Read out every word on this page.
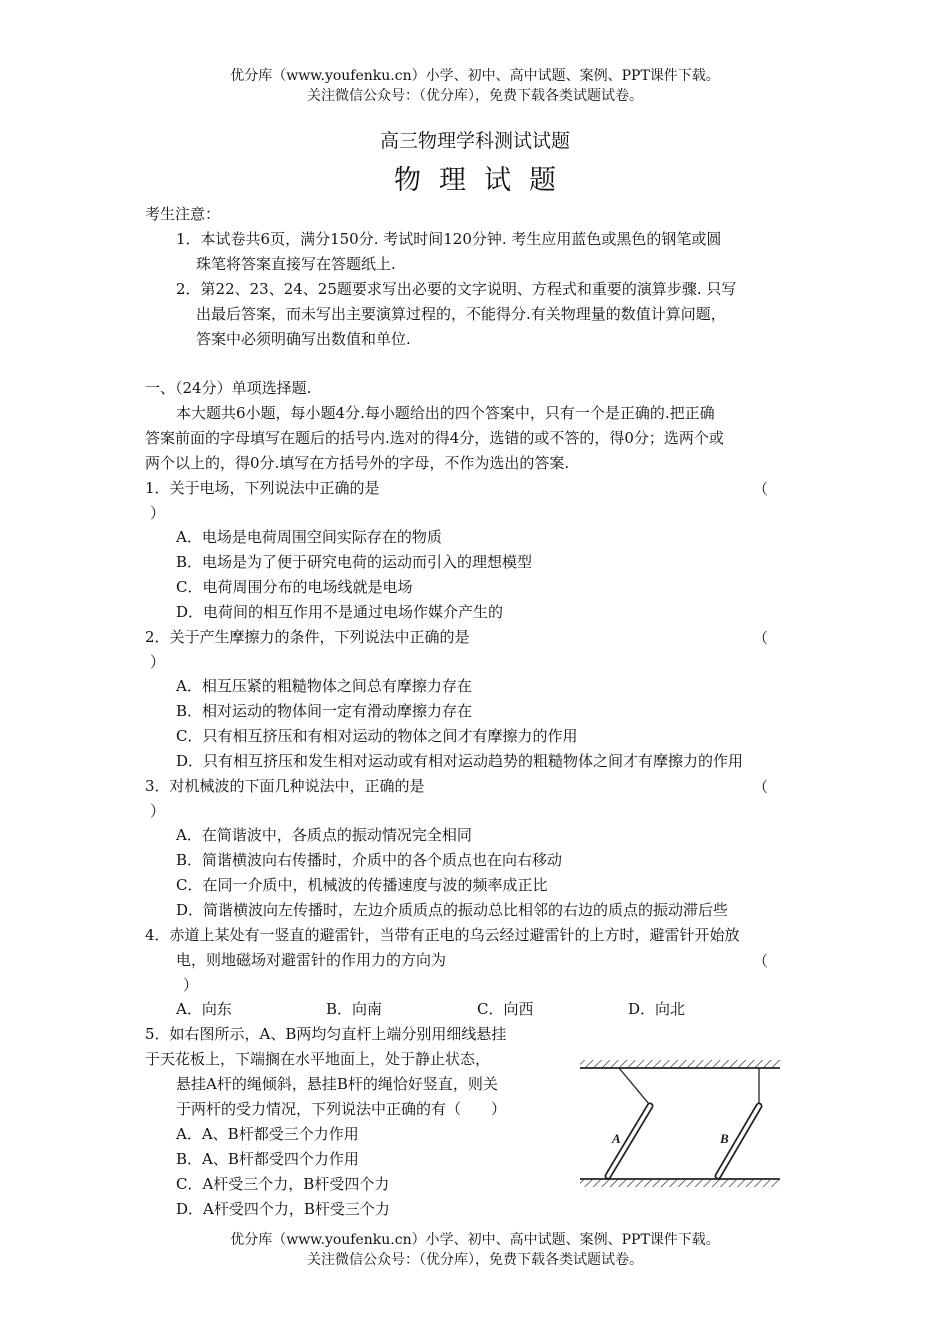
优分库（www.youfenku.cn）小学、初中、高中试题、案例、PPT课件下载。
关注微信公众号：（优分库），免费下载各类试题试卷。
高三物理学科测试试题
物理试题
考生注意：
1．本试卷共6页，满分150分. 考试时间120分钟. 考生应用蓝色或黑色的钢笔或圆
珠笔将答案直接写在答题纸上.
2．第22、23、24、25题要求写出必要的文字说明、方程式和重要的演算步骤. 只写
出最后答案，而未写出主要演算过程的，不能得分.有关物理量的数值计算问题，
答案中必须明确写出数值和单位.
一、（24分）单项选择题.
本大题共6小题，每小题4分.每小题给出的四个答案中，只有一个是正确的.把正确
答案前面的字母填写在题后的括号内.选对的得4分，选错的或不答的，得0分；选两个或
两个以上的，得0分.填写在方括号外的字母，不作为选出的答案.
1．关于电场，下列说法中正确的是	（
）
A．电场是电荷周围空间实际存在的物质
B．电场是为了便于研究电荷的运动而引入的理想模型
C．电荷周围分布的电场线就是电场
D．电荷间的相互作用不是通过电场作媒介产生的
2．关于产生摩擦力的条件，下列说法中正确的是	（
）
A．相互压紧的粗糙物体之间总有摩擦力存在
B．相对运动的物体间一定有滑动摩擦力存在
C．只有相互挤压和有相对运动的物体之间才有摩擦力的作用
D．只有相互挤压和发生相对运动或有相对运动趋势的粗糙物体之间才有摩擦力的作用
3．对机械波的下面几种说法中，正确的是	（
）
A．在简谐波中，各质点的振动情况完全相同
B．简谐横波向右传播时，介质中的各个质点也在向右移动
C．在同一介质中，机械波的传播速度与波的频率成正比
D．简谐横波向左传播时，左边介质质点的振动总比相邻的右边的质点的振动滞后些
4．赤道上某处有一竖直的避雷针，当带有正电的乌云经过避雷针的上方时，避雷针开始放
电，则地磁场对避雷针的作用力的方向为	（
）
A．向东	B．向南	C．向西	D．向北
5．如右图所示，A、B两均匀直杆上端分别用细线悬挂
于天花板上，下端搁在水平地面上，处于静止状态，
悬挂A杆的绳倾斜，悬挂B杆的绳恰好竖直，则关
于两杆的受力情况，下列说法中正确的有（　　）
A．A、B杆都受三个力作用
B．A、B杆都受四个力作用
C．A杆受三个力，B杆受四个力
D．A杆受四个力，B杆受三个力
A	B
优分库（www.youfenku.cn）小学、初中、高中试题、案例、PPT课件下载。
关注微信公众号：（优分库），免费下载各类试题试卷。
